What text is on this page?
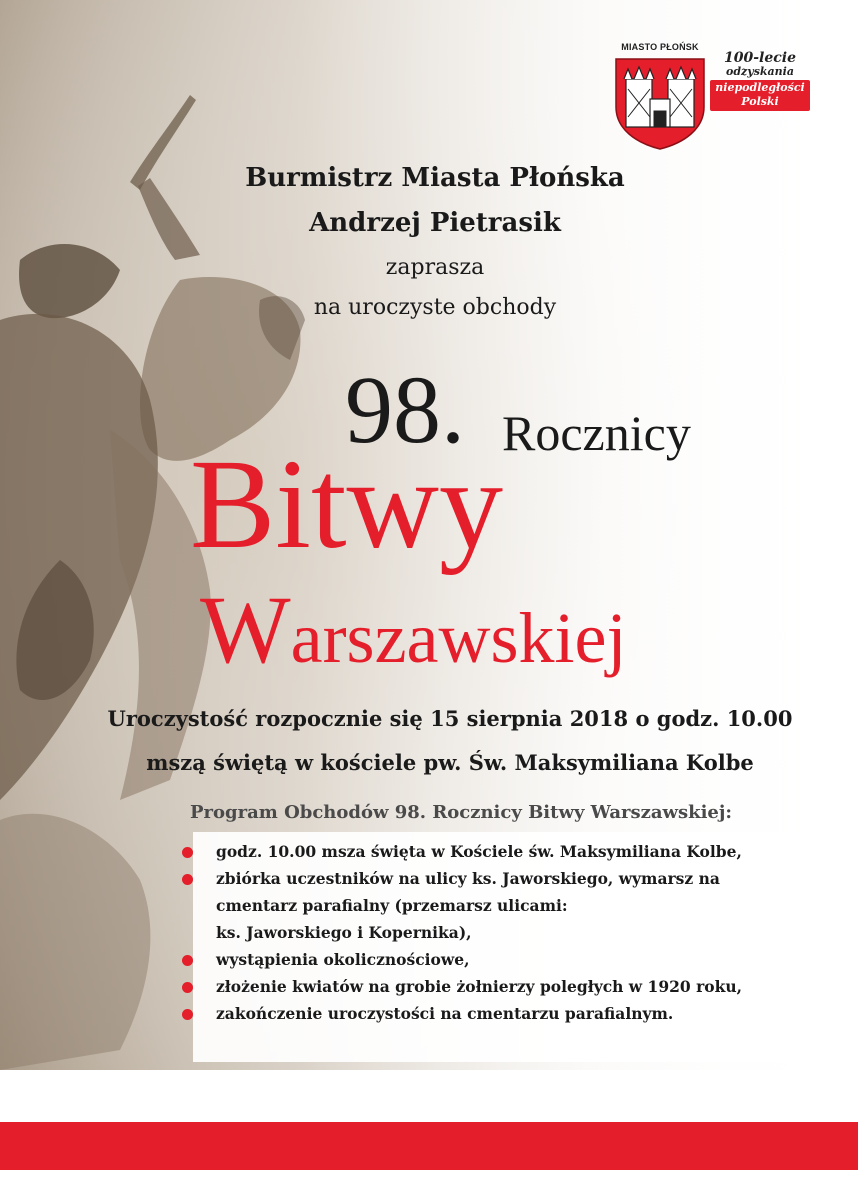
MIASTO PŁOŃSK
100-lecie
odzyskania
niepodległości
Polski
Burmistrz Miasta Płońska
Andrzej Pietrasik
zaprasza
na uroczyste obchody
98. Rocznicy
Bitwy
Warszawskiej
Uroczystość rozpocznie się 15 sierpnia 2018 o godz. 10.00
mszą świętą w kościele pw. Św. Maksymiliana Kolbe
Program Obchodów 98. Rocznicy Bitwy Warszawskiej:
godz. 10.00 msza święta w Kościele św. Maksymiliana Kolbe,
zbiórka uczestników na ulicy ks. Jaworskiego, wymarsz na
cmentarz parafialny (przemarsz ulicami:
ks. Jaworskiego i Kopernika),
wystąpienia okolicznościowe,
złożenie kwiatów na grobie żołnierzy poległych w 1920 roku,
zakończenie uroczystości na cmentarzu parafialnym.
